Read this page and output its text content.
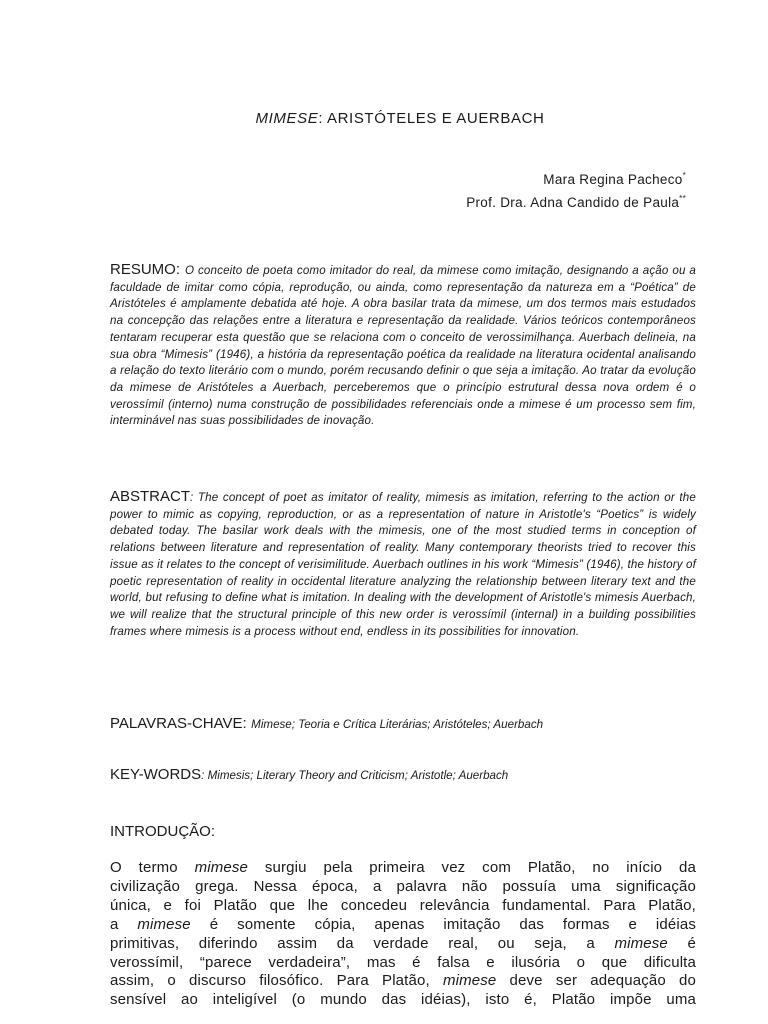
MIMESE: ARISTÓTELES E AUERBACH
Mara Regina Pacheco*
Prof. Dra. Adna Candido de Paula**
RESUMO: O conceito de poeta como imitador do real, da mimese como imitação, designando a ação ou a faculdade de imitar como cópia, reprodução, ou ainda, como representação da natureza em a “Poética” de Aristóteles é amplamente debatida até hoje. A obra basilar trata da mimese, um dos termos mais estudados na concepção das relações entre a literatura e representação da realidade. Vários teóricos contemporâneos tentaram recuperar esta questão que se relaciona com o conceito de verossimilhança. Auerbach delineia, na sua obra “Mimesis” (1946), a história da representação poética da realidade na literatura ocidental analisando a relação do texto literário com o mundo, porém recusando definir o que seja a imitação. Ao tratar da evolução da mimese de Aristóteles a Auerbach, perceberemos que o princípio estrutural dessa nova ordem é o verossímil (interno) numa construção de possibilidades referenciais onde a mimese é um processo sem fim, interminável nas suas possibilidades de inovação.
ABSTRACT: The concept of poet as imitator of reality, mimesis as imitation, referring to the action or the power to mimic as copying, reproduction, or as a representation of nature in Aristotle's “Poetics” is widely debated today. The basilar work deals with the mimesis, one of the most studied terms in conception of relations between literature and representation of reality. Many contemporary theorists tried to recover this issue as it relates to the concept of verisimilitude. Auerbach outlines in his work “Mimesis” (1946), the history of poetic representation of reality in occidental literature analyzing the relationship between literary text and the world, but refusing to define what is imitation. In dealing with the development of Aristotle's mimesis Auerbach, we will realize that the structural principle of this new order is verossímil (internal) in a building possibilities frames where mimesis is a process without end, endless in its possibilities for innovation.
PALAVRAS-CHAVE: Mimese; Teoria e Crítica Literárias; Aristóteles; Auerbach
KEY-WORDS: Mimesis; Literary Theory and Criticism; Aristotle; Auerbach
INTRODUÇÃO:
O termo mimese surgiu pela primeira vez com Platão, no início da
civilização grega. Nessa época, a palavra não possuía uma significação
única, e foi Platão que lhe concedeu relevância fundamental. Para Platão,
a mimese é somente cópia, apenas imitação das formas e idéias
primitivas, diferindo assim da verdade real, ou seja, a mimese é
verossímil, “parece verdadeira”, mas é falsa e ilusória o que dificulta
assim, o discurso filosófico. Para Platão, mimese deve ser adequação do
sensível ao inteligível (o mundo das idéias), isto é, Platão impõe uma
